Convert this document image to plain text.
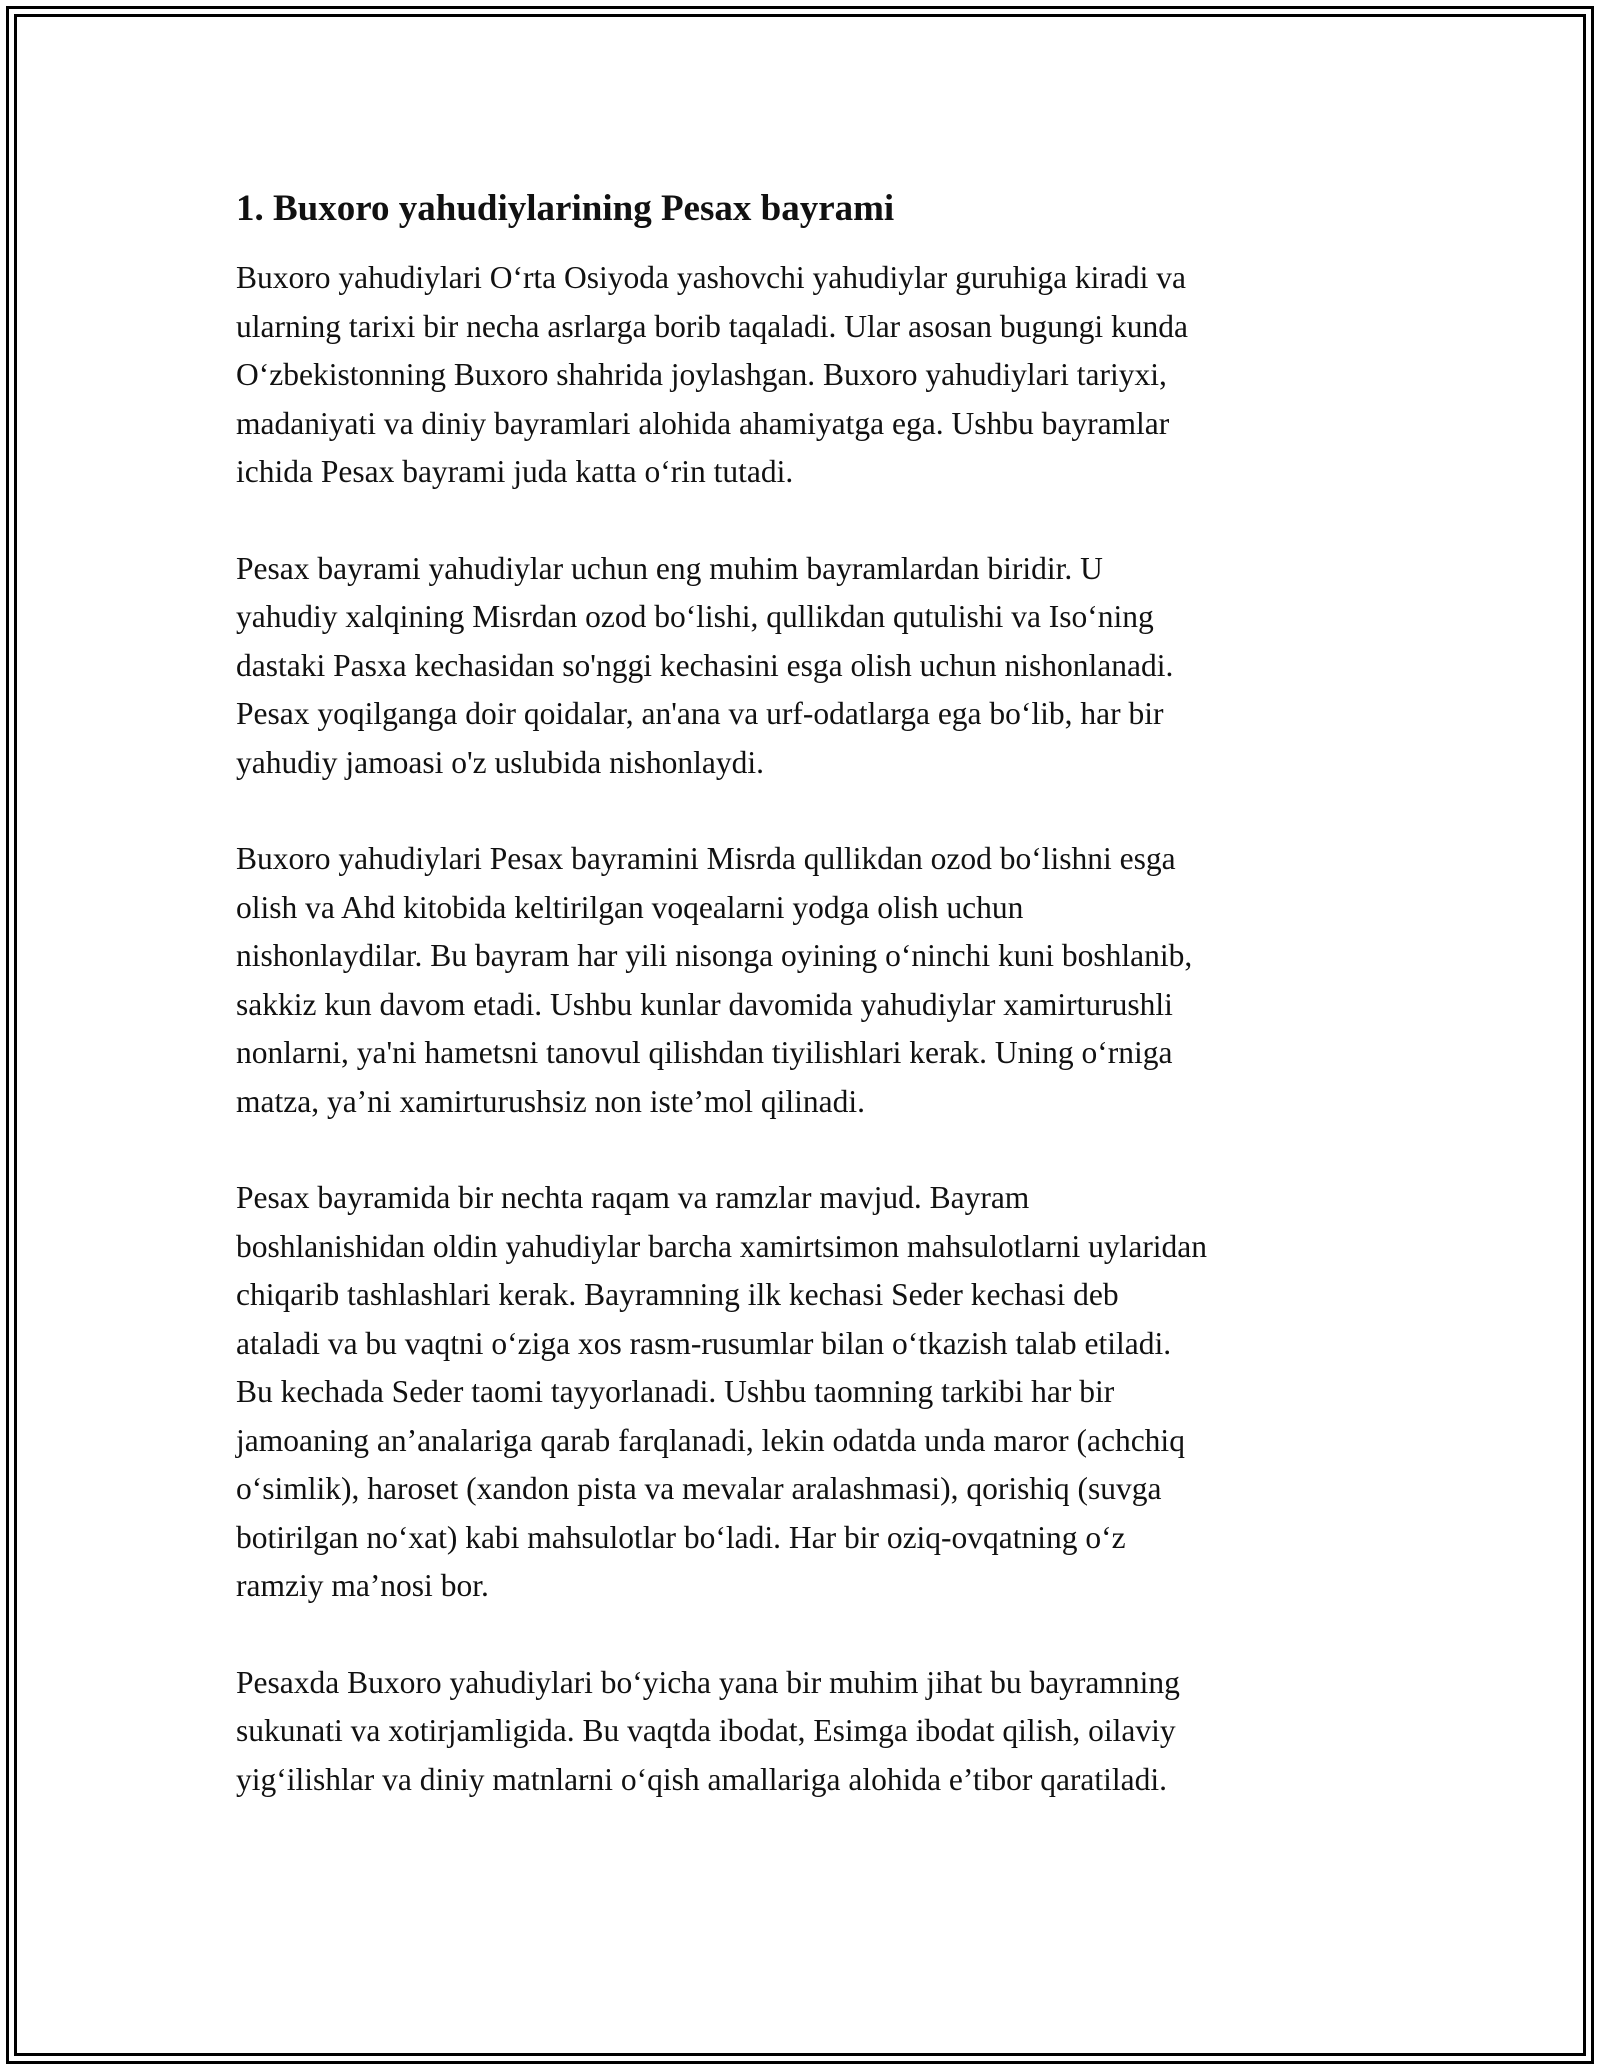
1. Buxoro yahudiylarining Pesax bayrami
Buxoro yahudiylari O‘rta Osiyoda yashovchi yahudiylar guruhiga kiradi va
ularning tarixi bir necha asrlarga borib taqaladi. Ular asosan bugungi kunda
O‘zbekistonning Buxoro shahrida joylashgan. Buxoro yahudiylari tariyxi,
madaniyati va diniy bayramlari alohida ahamiyatga ega. Ushbu bayramlar
ichida Pesax bayrami juda katta o‘rin tutadi.
Pesax bayrami yahudiylar uchun eng muhim bayramlardan biridir. U
yahudiy xalqining Misrdan ozod bo‘lishi, qullikdan qutulishi va Iso‘ning
dastaki Pasxa kechasidan so'nggi kechasini esga olish uchun nishonlanadi.
Pesax yoqilganga doir qoidalar, an'ana va urf-odatlarga ega bo‘lib, har bir
yahudiy jamoasi o'z uslubida nishonlaydi.
Buxoro yahudiylari Pesax bayramini Misrda qullikdan ozod bo‘lishni esga
olish va Ahd kitobida keltirilgan voqealarni yodga olish uchun
nishonlaydilar. Bu bayram har yili nisonga oyining o‘ninchi kuni boshlanib,
sakkiz kun davom etadi. Ushbu kunlar davomida yahudiylar xamirturushli
nonlarni, ya'ni hametsni tanovul qilishdan tiyilishlari kerak. Uning o‘rniga
matza, ya’ni xamirturushsiz non iste’mol qilinadi.
Pesax bayramida bir nechta raqam va ramzlar mavjud. Bayram
boshlanishidan oldin yahudiylar barcha xamirtsimon mahsulotlarni uylaridan
chiqarib tashlashlari kerak. Bayramning ilk kechasi Seder kechasi deb
ataladi va bu vaqtni o‘ziga xos rasm-rusumlar bilan o‘tkazish talab etiladi.
Bu kechada Seder taomi tayyorlanadi. Ushbu taomning tarkibi har bir
jamoaning an’analariga qarab farqlanadi, lekin odatda unda maror (achchiq
o‘simlik), haroset (xandon pista va mevalar aralashmasi), qorishiq (suvga
botirilgan no‘xat) kabi mahsulotlar bo‘ladi. Har bir oziq-ovqatning o‘z
ramziy ma’nosi bor.
Pesaxda Buxoro yahudiylari bo‘yicha yana bir muhim jihat bu bayramning
sukunati va xotirjamligida. Bu vaqtda ibodat, Esimga ibodat qilish, oilaviy
yig‘ilishlar va diniy matnlarni o‘qish amallariga alohida e’tibor qaratiladi.
